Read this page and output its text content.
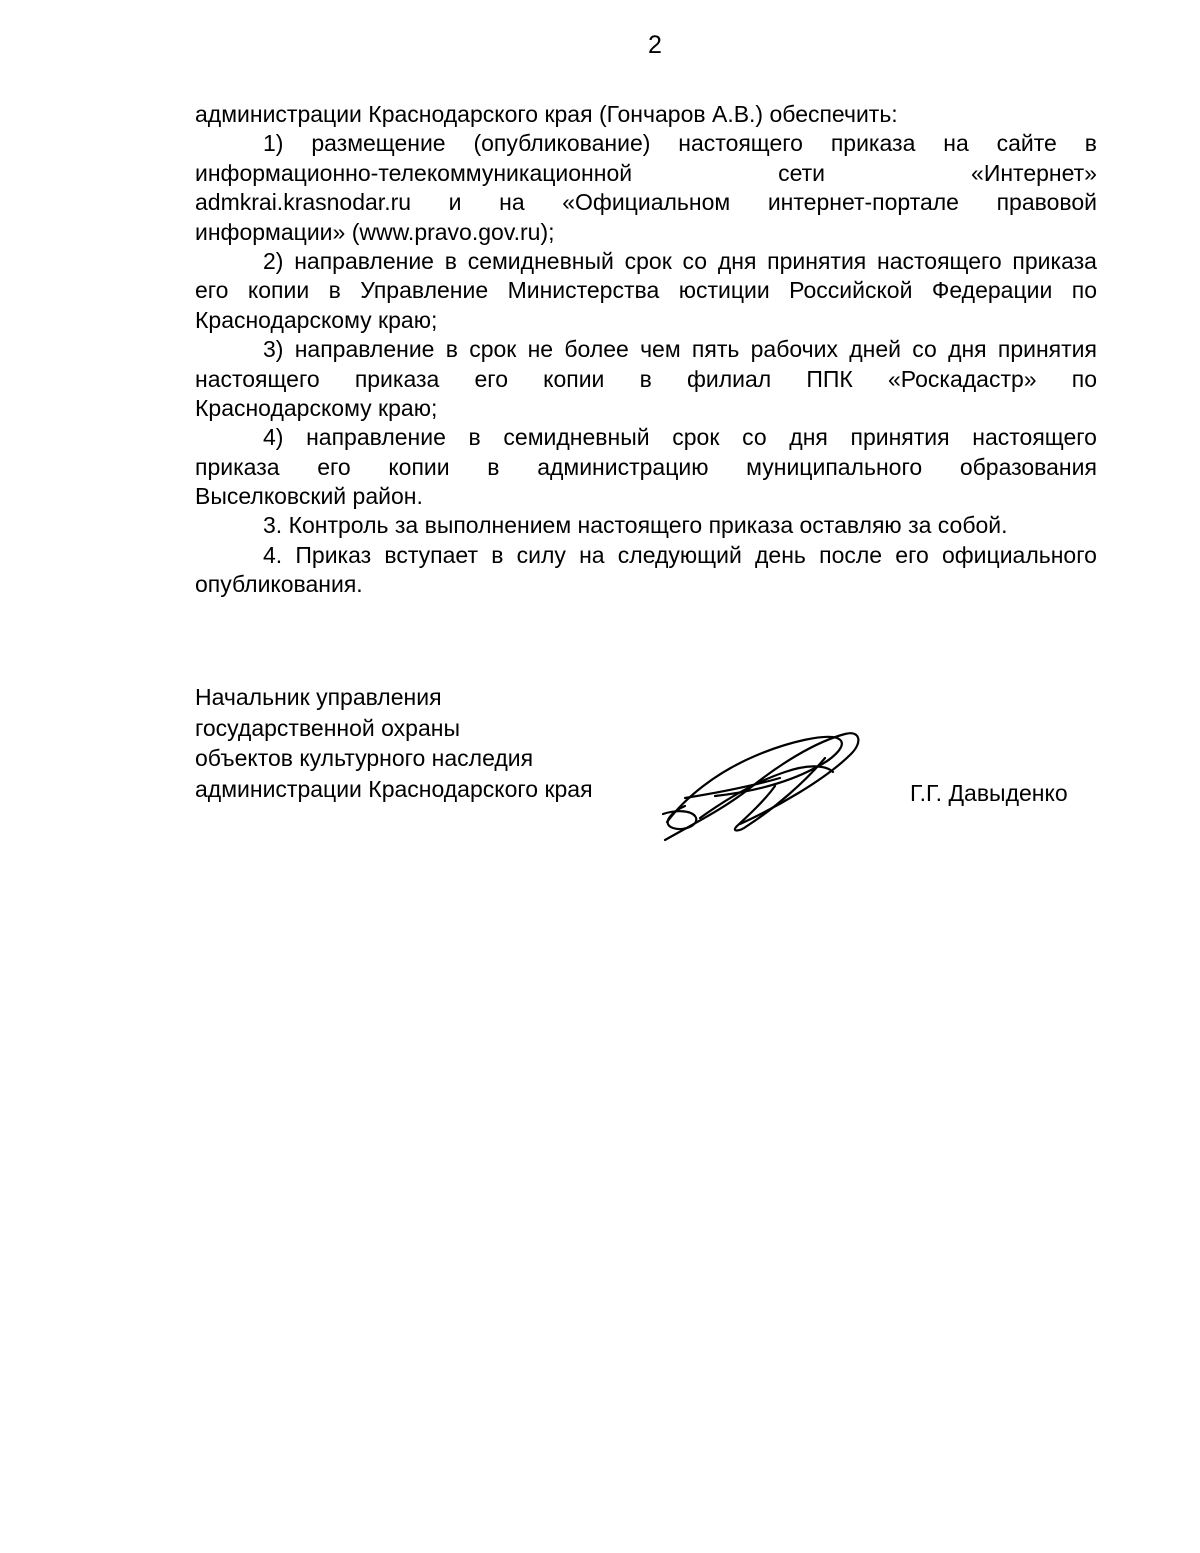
2
администрации Краснодарского края (Гончаров А.В.) обеспечить:
1) размещение (опубликование) настоящего приказа на сайте в
информационно-телекоммуникационной	сети	«Интернет»
admkrai.krasnodar.ru и на «Официальном интернет-портале правовой
информации» (www.pravo.gov.ru);
2) направление в семидневный срок со дня принятия настоящего приказа
его копии в Управление Министерства юстиции Российской Федерации по
Краснодарскому краю;
3) направление в срок не более чем пять рабочих дней со дня принятия
настоящего приказа его копии в филиал ППК «Роскадастр» по
Краснодарскому краю;
4) направление в семидневный срок со дня принятия настоящего
приказа его копии в администрацию муниципального образования
Выселковский район.
3. Контроль за выполнением настоящего приказа оставляю за собой.
4. Приказ вступает в силу на следующий день после его официального
опубликования.
Начальник управления
государственной охраны
объектов культурного наследия
администрации Краснодарского края	Г.Г. Давыденко
